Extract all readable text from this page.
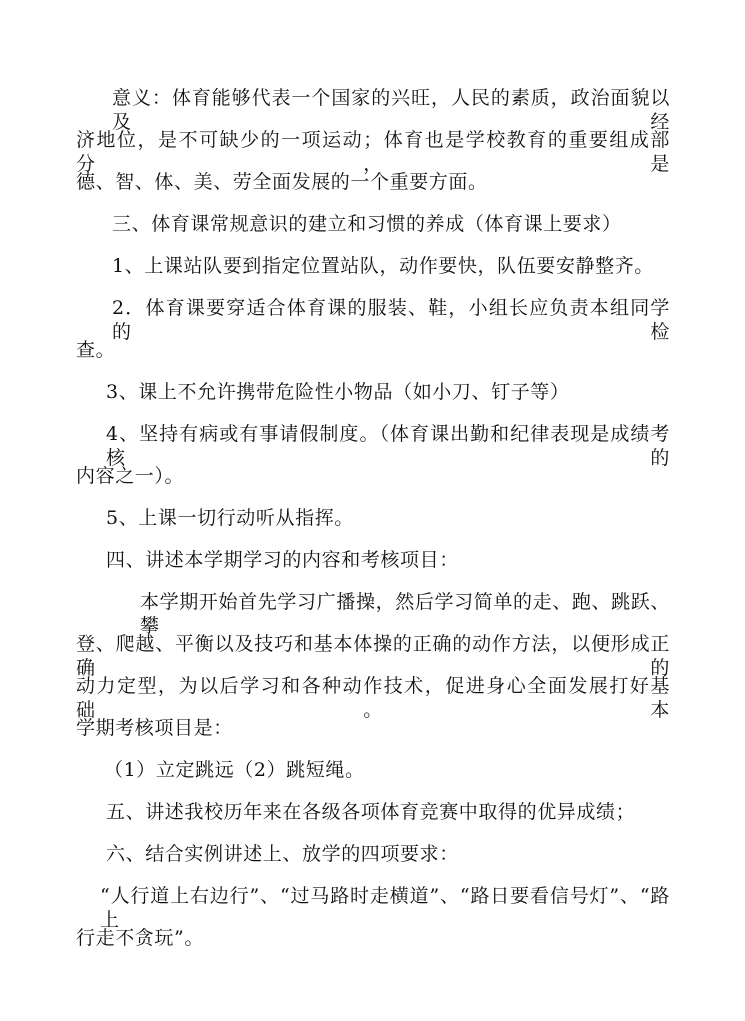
意义：体育能够代表一个国家的兴旺，人民的素质，政治面貌以及经
济地位，是不可缺少的一项运动；体育也是学校教育的重要组成部分，是
德、智、体、美、劳全面发展的一个重要方面。
三、体育课常规意识的建立和习惯的养成（体育课上要求）
1、上课站队要到指定位置站队，动作要快，队伍要安静整齐。
2．体育课要穿适合体育课的服装、鞋，小组长应负责本组同学的检
查。
3、课上不允许携带危险性小物品（如小刀、钉子等）
4、坚持有病或有事请假制度。（体育课出勤和纪律表现是成绩考核的
内容之一）。
5、上课一切行动听从指挥。
四、讲述本学期学习的内容和考核项目：
本学期开始首先学习广播操，然后学习简单的走、跑、跳跃、攀
登、爬越、平衡以及技巧和基本体操的正确的动作方法，以便形成正确的
动力定型，为以后学习和各种动作技术，促进身心全面发展打好基础。本
学期考核项目是：
（1）立定跳远（2）跳短绳。
五、讲述我校历年来在各级各项体育竞赛中取得的优异成绩；
六、结合实例讲述上、放学的四项要求：
“人行道上右边行”、“过马路时走横道”、“路日要看信号灯”、“路上
行走不贪玩”。
